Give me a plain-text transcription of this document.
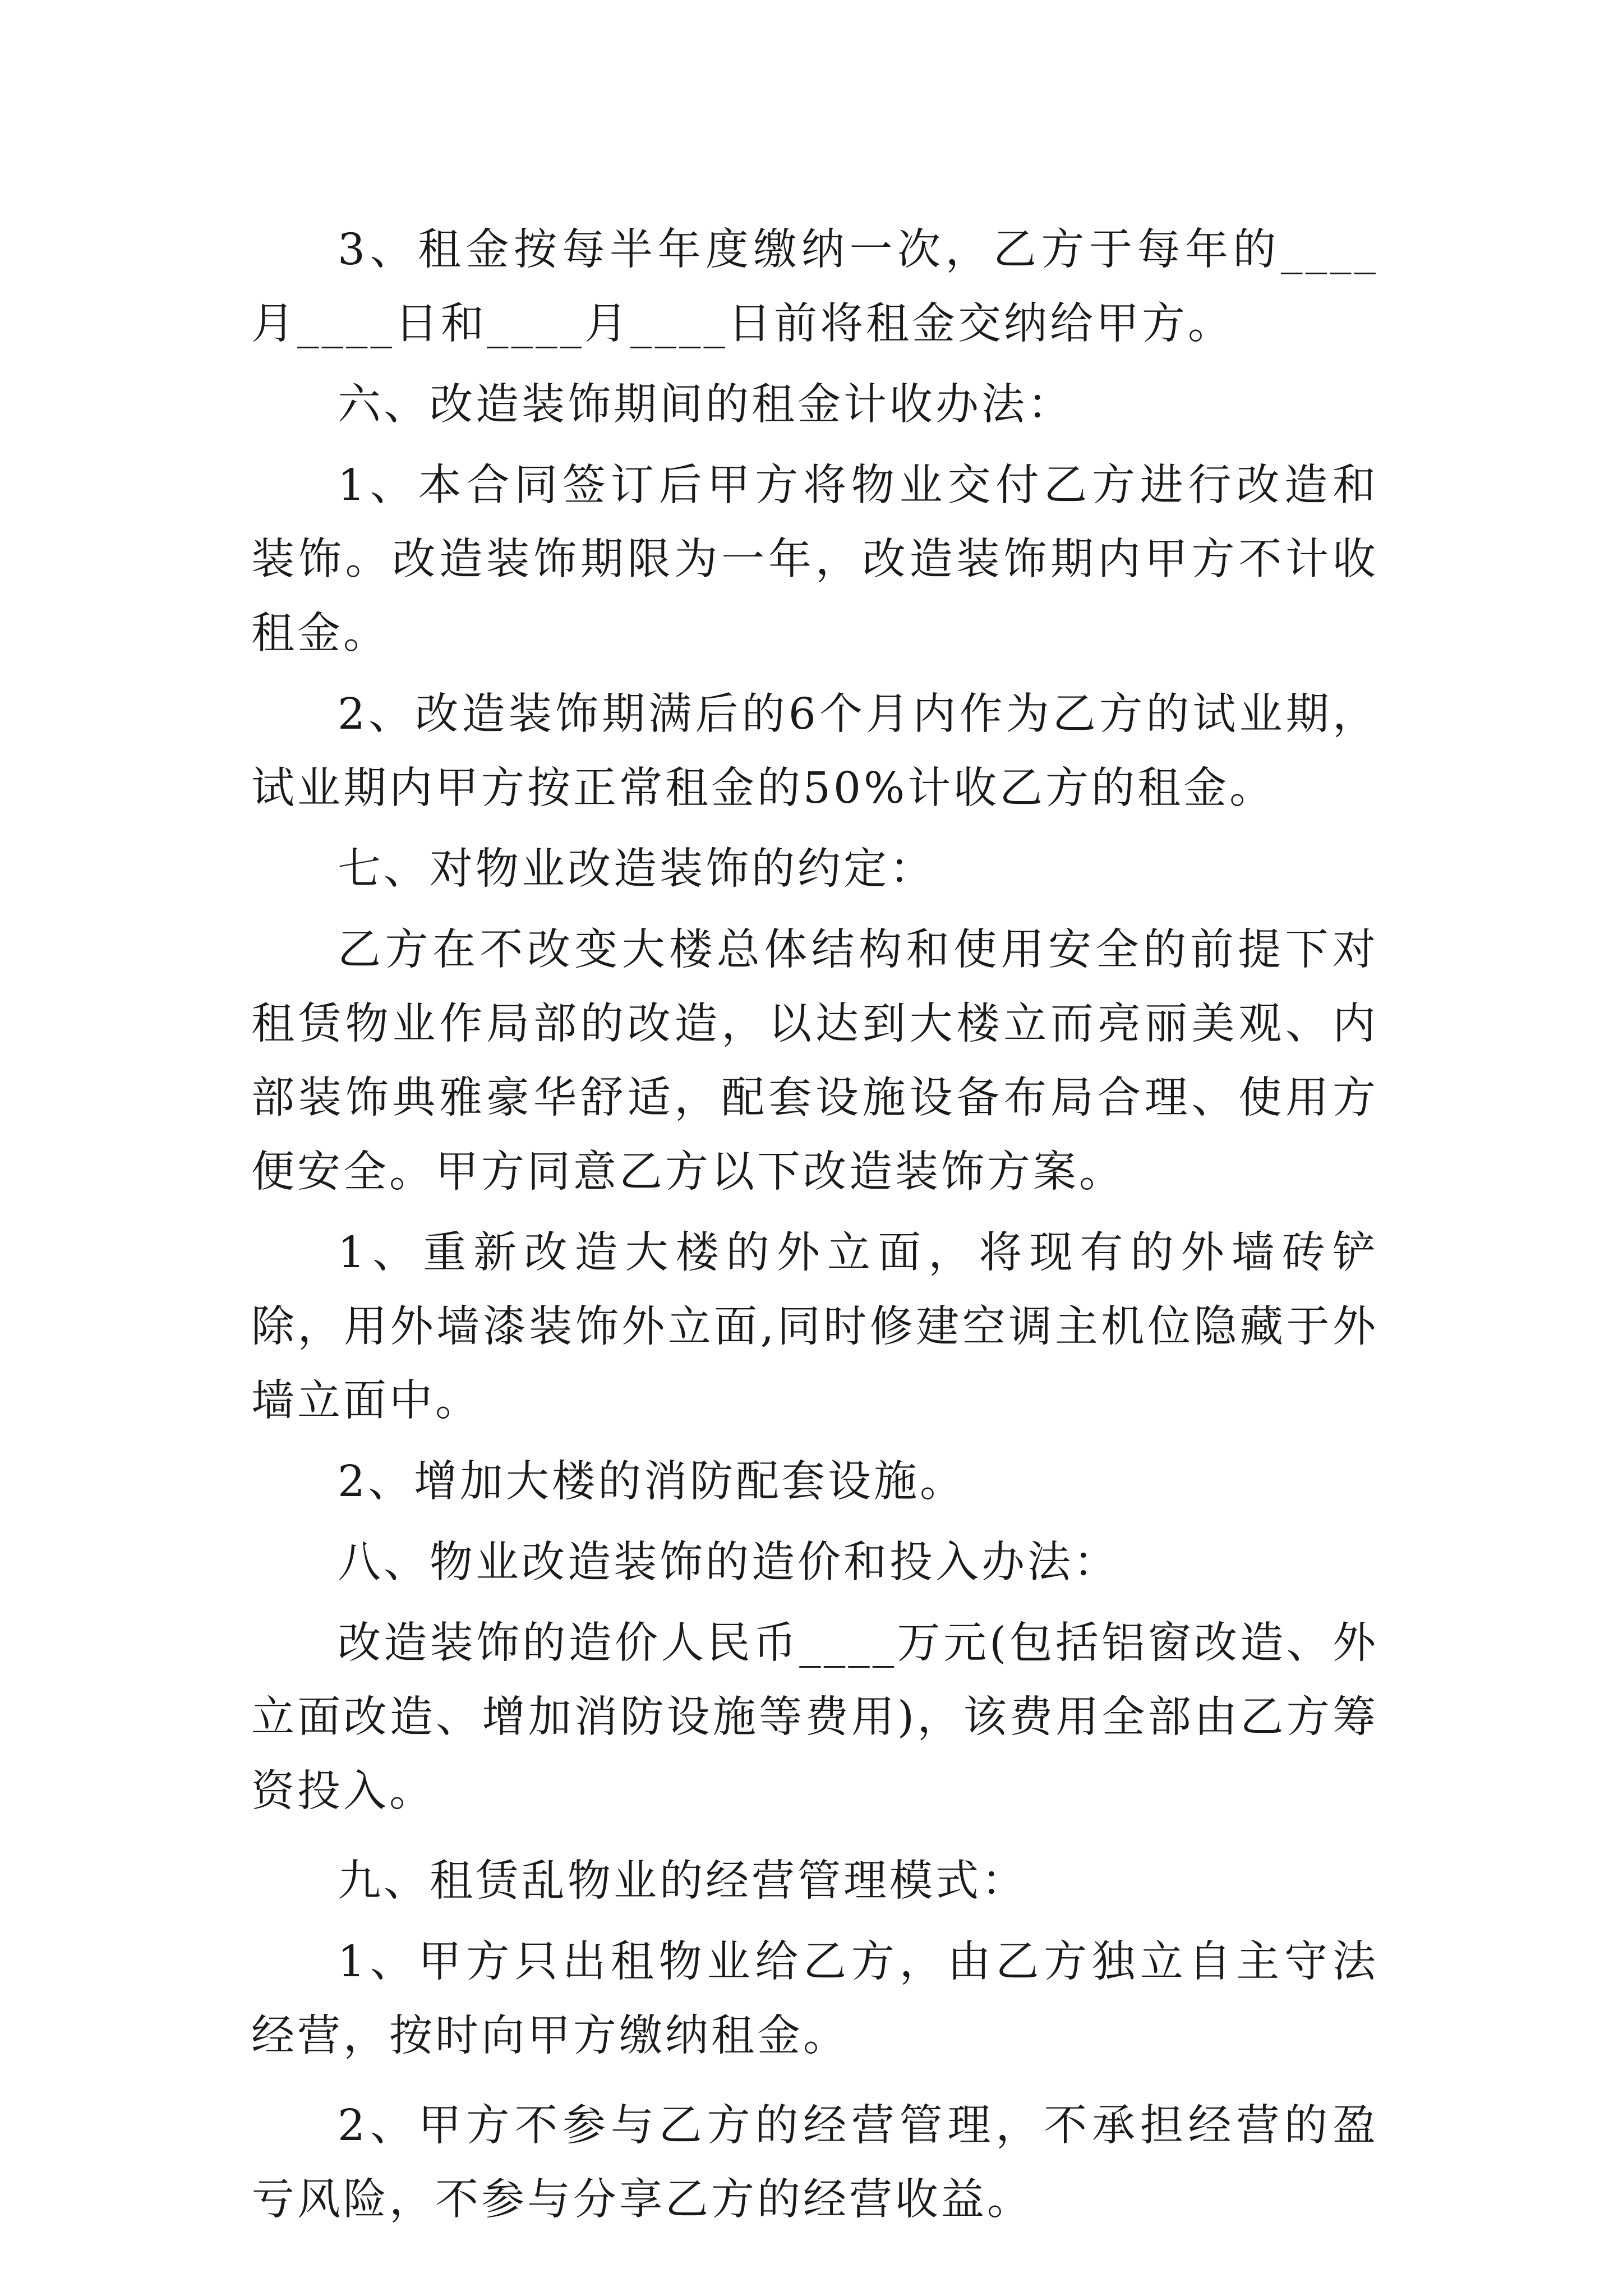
3、租金按每半年度缴纳一次，乙方于每年的____月____日和____月____日前将租金交纳给甲方。

六、改造装饰期间的租金计收办法：

1、本合同签订后甲方将物业交付乙方进行改造和装饰。改造装饰期限为一年，改造装饰期内甲方不计收租金。

2、改造装饰期满后的6个月内作为乙方的试业期，试业期内甲方按正常租金的50%计收乙方的租金。

七、对物业改造装饰的约定：

乙方在不改变大楼总体结构和使用安全的前提下对租赁物业作局部的改造，以达到大楼立而亮丽美观、内部装饰典雅豪华舒适，配套设施设备布局合理、使用方便安全。甲方同意乙方以下改造装饰方案。

1、重新改造大楼的外立面，将现有的外墙砖铲除，用外墙漆装饰外立面,同时修建空调主机位隐藏于外墙立面中。

2、增加大楼的消防配套设施。

八、物业改造装饰的造价和投入办法：

改造装饰的造价人民币____万元(包括铝窗改造、外立面改造、增加消防设施等费用)，该费用全部由乙方筹资投入。

九、租赁乱物业的经营管理模式：

1、甲方只出租物业给乙方，由乙方独立自主守法经营，按时向甲方缴纳租金。

2、甲方不参与乙方的经营管理，不承担经营的盈亏风险，不参与分享乙方的经营收益。
